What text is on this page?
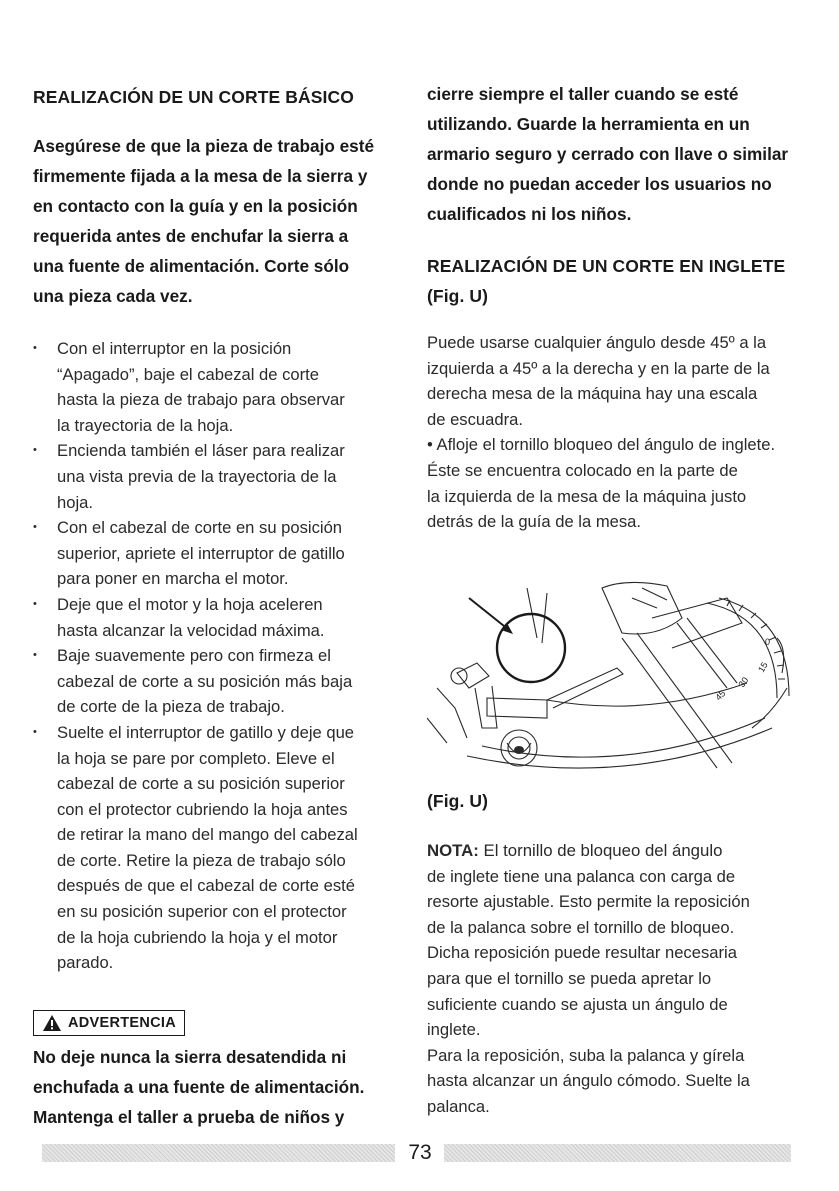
REALIZACIÓN DE UN CORTE BÁSICO

Asegúrese de que la pieza de trabajo esté

firmemente fijada a la mesa de la sierra y

en contacto con la guía y en la posición

requerida antes de enchufar la sierra a

una fuente de alimentación. Corte sólo

una pieza cada vez.

• Con el interruptor en la posición
“Apagado”, baje el cabezal de corte
hasta la pieza de trabajo para observar
la trayectoria de la hoja.
• Encienda también el láser para realizar
una vista previa de la trayectoria de la
hoja.
• Con el cabezal de corte en su posición
superior, apriete el interruptor de gatillo
para poner en marcha el motor.
• Deje que el motor y la hoja aceleren
hasta alcanzar la velocidad máxima.
• Baje suavemente pero con firmeza el
cabezal de corte a su posición más baja
de corte de la pieza de trabajo.
• Suelte el interruptor de gatillo y deje que
la hoja se pare por completo. Eleve el
cabezal de corte a su posición superior
con el protector cubriendo la hoja antes
de retirar la mano del mango del cabezal
de corte. Retire la pieza de trabajo sólo
después de que el cabezal de corte esté
en su posición superior con el protector
de la hoja cubriendo la hoja y el motor
parado.
ADVERTENCIA

No deje nunca la sierra desatendida ni

enchufada a una fuente de alimentación.

Mantenga el taller a prueba de niños y

cierre siempre el taller cuando se esté

utilizando. Guarde la herramienta en un

armario seguro y cerrado con llave o similar

donde no puedan acceder los usuarios no

cualificados ni los niños.

REALIZACIÓN DE UN CORTE EN INGLETE

(Fig. U)

Puede usarse cualquier ángulo desde 45º a la

izquierda a 45º a la derecha y en la parte de la

derecha mesa de la máquina hay una escala

de escuadra.

• Afloje el tornillo bloqueo del ángulo de inglete.

Éste se encuentra colocado en la parte de

la izquierda de la mesa de la máquina justo

detrás de la guía de la mesa.

0
15
30
45

(Fig. U)

NOTA: El tornillo de bloqueo del ángulo

de inglete tiene una palanca con carga de

resorte ajustable. Esto permite la reposición

de la palanca sobre el tornillo de bloqueo.

Dicha reposición puede resultar necesaria

para que el tornillo se pueda apretar lo

suficiente cuando se ajusta un ángulo de

inglete.

Para la reposición, suba la palanca y gírela

hasta alcanzar un ángulo cómodo. Suelte la

palanca.

73
